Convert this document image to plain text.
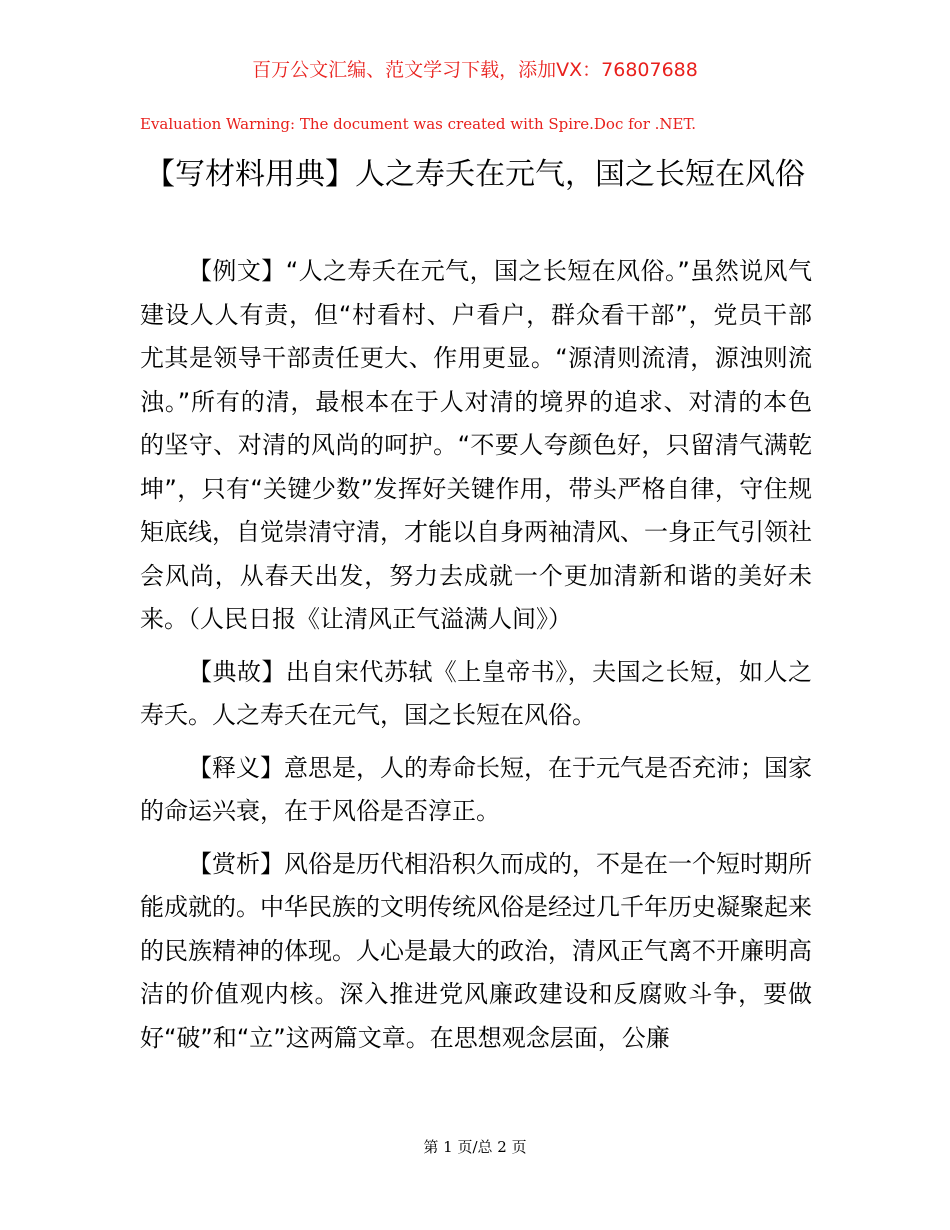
百万公文汇编、范文学习下载，添加VX：76807688
Evaluation Warning: The document was created with Spire.Doc for .NET.
【写材料用典】人之寿夭在元气，国之长短在风俗

【例文】“人之寿夭在元气，国之长短在风俗。”虽然说风气建设人人有责，但“村看村、户看户，群众看干部”，党员干部尤其是领导干部责任更大、作用更显。“源清则流清，源浊则流浊。”所有的清，最根本在于人对清的境界的追求、对清的本色的坚守、对清的风尚的呵护。“不要人夸颜色好，只留清气满乾坤”，只有“关键少数”发挥好关键作用，带头严格自律，守住规矩底线，自觉崇清守清，才能以自身两袖清风、一身正气引领社会风尚，从春天出发，努力去成就一个更加清新和谐的美好未来。（人民日报《让清风正气溢满人间》）

【典故】出自宋代苏轼《上皇帝书》，夫国之长短，如人之寿夭。人之寿夭在元气，国之长短在风俗。

【释义】意思是，人的寿命长短，在于元气是否充沛；国家的命运兴衰，在于风俗是否淳正。

【赏析】风俗是历代相沿积久而成的，不是在一个短时期所能成就的。中华民族的文明传统风俗是经过几千年历史凝聚起来的民族精神的体现。人心是最大的政治，清风正气离不开廉明高洁的价值观内核。深入推进党风廉政建设和反腐败斗争，要做好“破”和“立”这两篇文章。在思想观念层面，公廉

第 1 页/总 2 页
